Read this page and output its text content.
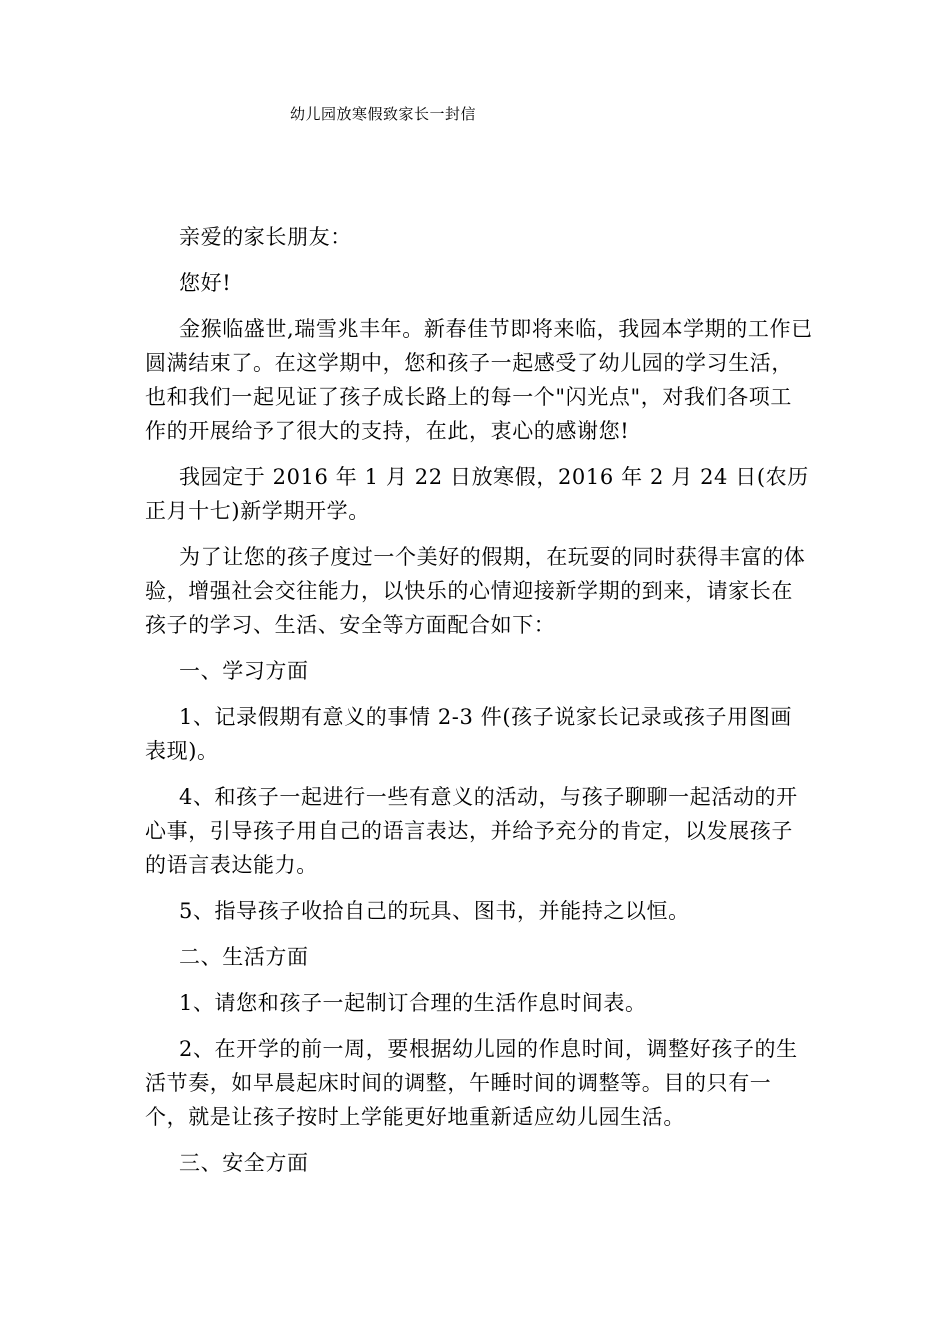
幼儿园放寒假致家长一封信

亲爱的家长朋友：

您好!

金猴临盛世,瑞雪兆丰年。新春佳节即将来临，我园本学期的工作已圆满结束了。在这学期中，您和孩子一起感受了幼儿园的学习生活，也和我们一起见证了孩子成长路上的每一个"闪光点"，对我们各项工作的开展给予了很大的支持，在此，衷心的感谢您!

我园定于 2016 年 1 月 22 日放寒假，2016 年 2 月 24 日(农历正月十七)新学期开学。

为了让您的孩子度过一个美好的假期，在玩耍的同时获得丰富的体验，增强社会交往能力，以快乐的心情迎接新学期的到来，请家长在孩子的学习、生活、安全等方面配合如下：

一、学习方面

1、记录假期有意义的事情 2-3 件(孩子说家长记录或孩子用图画表现)。

4、和孩子一起进行一些有意义的活动，与孩子聊聊一起活动的开心事，引导孩子用自己的语言表达，并给予充分的肯定，以发展孩子的语言表达能力。

5、指导孩子收拾自己的玩具、图书，并能持之以恒。

二、生活方面

1、请您和孩子一起制订合理的生活作息时间表。

2、在开学的前一周，要根据幼儿园的作息时间，调整好孩子的生活节奏，如早晨起床时间的调整，午睡时间的调整等。目的只有一个，就是让孩子按时上学能更好地重新适应幼儿园生活。

三、安全方面
